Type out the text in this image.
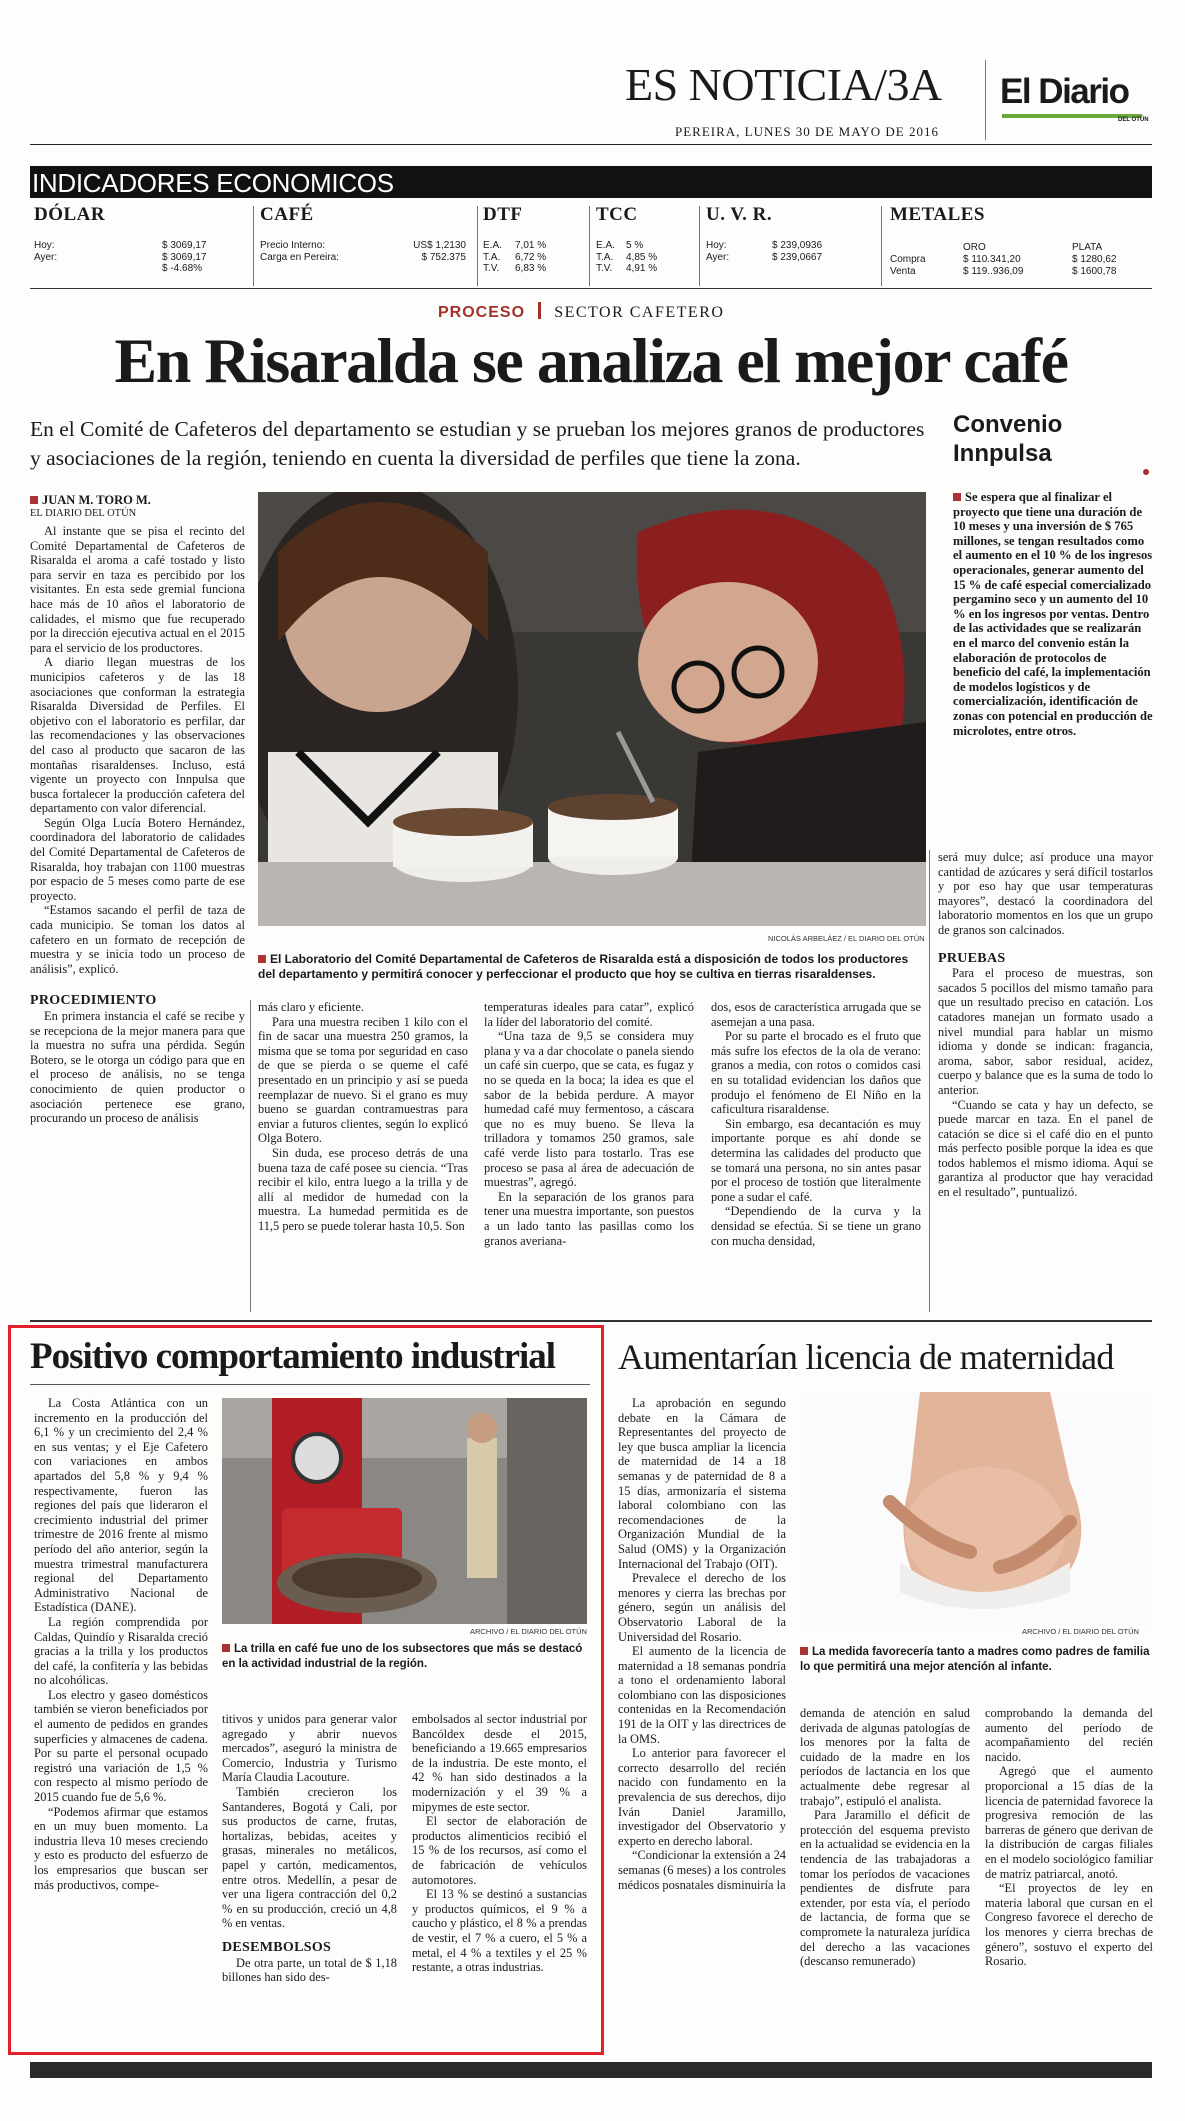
ES NOTICIA/3A El Diario
DEL OTÚN
PEREIRA, LUNES 30 DE MAYO DE 2016
INDICADORES ECONOMICOS
DÓLAR
Hoy:
Ayer:
$ 3069,17
$ 3069,17
$ -4.68%
CAFÉ
Precio Interno:
Carga en Pereira:
US$ 1,2130
$ 752.375
DTF
E.A.
T.A.
T.V.
7,01 %
6,72 %
6,83 %
TCC
E.A.
T.A.
T.V.
5 %
4,85 %
4,91 %
U. V. R.
Hoy:
Ayer:
$ 239,0936
$ 239,0667
METALES
ORO	PLATA
Compra
Venta
$ 110.341,20
$ 119..936,09
$ 1280,62
$ 1600,78
PROCESO SECTOR CAFETERO
En Risaralda se analiza el mejor café
En el Comité de Cafeteros del departamento se estudian y se prueban los mejores granos de productores y asociaciones de la región, teniendo en cuenta la diversidad de perfiles que tiene la zona.
Convenio Innpulsa
Se espera que al finalizar el proyecto que tiene una duración de 10 meses y una inversión de $ 765 millones, se tengan resultados como el aumento en el 10 % de los ingresos operacionales, generar aumento del 15 % de café especial comercializado pergamino seco y un aumento del 10 % en los ingresos por ventas. Dentro de las actividades que se realizarán en el marco del convenio están la elaboración de protocolos de beneficio del café, la implementación de modelos logísticos y de comercialización, identificación de zonas con potencial en producción de microlotes, entre otros.
JUAN M. TORO M.
EL DIARIO DEL OTÚN
NICOLÁS ARBELÁEZ / EL DIARIO DEL OTÚN
El Laboratorio del Comité Departamental de Cafeteros de Risaralda está a disposición de todos los productores del departamento y permitirá conocer y perfeccionar el producto que hoy se cultiva en tierras risaraldenses.

Al instante que se pisa el recinto del Comité Departamental de Cafeteros de Risaralda el aroma a café tostado y listo para servir en taza es percibido por los visitantes. En esta sede gremial funciona hace más de 10 años el laboratorio de calidades, el mismo que fue recuperado por la dirección ejecutiva actual en el 2015 para el servicio de los productores.

A diario llegan muestras de los municipios cafeteros y de las 18 asociaciones que conforman la estrategia Risaralda Diversidad de Perfiles. El objetivo con el laboratorio es perfilar, dar las recomendaciones y las observaciones del caso al producto que sacaron de las montañas risaraldenses. Incluso, está vigente un proyecto con Innpulsa que busca fortalecer la producción cafetera del departamento con valor diferencial.

Según Olga Lucía Botero Hernández, coordinadora del laboratorio de calidades del Comité Departamental de Cafeteros de Risaralda, hoy trabajan con 1100 muestras por espacio de 5 meses como parte de ese proyecto.

“Estamos sacando el perfil de taza de cada municipio. Se toman los datos al cafetero en un formato de recepción de muestra y se inicia todo un proceso de análisis”, explicó.

PROCEDIMIENTO

En primera instancia el café se recibe y se recepciona de la mejor manera para que la muestra no sufra una pérdida. Según Botero, se le otorga un código para que en el proceso de análisis, no se tenga conocimiento de quien productor o asociación pertenece ese grano, procurando un proceso de análisis

más claro y eficiente.

Para una muestra reciben 1 kilo con el fin de sacar una muestra 250 gramos, la misma que se toma por seguridad en caso de que se pierda o se queme el café presentado en un principio y así se pueda reemplazar de nuevo. Si el grano es muy bueno se guardan contramuestras para enviar a futuros clientes, según lo explicó Olga Botero.

Sin duda, ese proceso detrás de una buena taza de café posee su ciencia. “Tras recibir el kilo, entra luego a la trilla y de allí al medidor de humedad con la muestra. La humedad permitida es de 11,5 pero se puede tolerar hasta 10,5. Son

temperaturas ideales para catar”, explicó la líder del laboratorio del comité.

“Una taza de 9,5 se considera muy plana y va a dar chocolate o panela siendo un café sin cuerpo, que se cata, es fugaz y no se queda en la boca; la idea es que el sabor de la bebida perdure. A mayor humedad café muy fermentoso, a cáscara que no es muy bueno. Se lleva la trilladora y tomamos 250 gramos, sale café verde listo para tostarlo. Tras ese proceso se pasa al área de adecuación de muestras”, agregó.

En la separación de los granos para tener una muestra importante, son puestos a un lado tanto las pasillas como los granos averiana-

dos, esos de característica arrugada que se asemejan a una pasa.

Por su parte el brocado es el fruto que más sufre los efectos de la ola de verano: granos a media, con rotos o comidos casi en su totalidad evidencian los daños que produjo el fenómeno de El Niño en la caficultura risaraldense.

Sin embargo, esa decantación es muy importante porque es ahí donde se determina las calidades del producto que se tomará una persona, no sin antes pasar por el proceso de tostión que literalmente pone a sudar el café.

“Dependiendo de la curva y la densidad se efectúa. Si se tiene un grano con mucha densidad,

será muy dulce; así produce una mayor cantidad de azúcares y será difícil tostarlos y por eso hay que usar temperaturas mayores”, destacó la coordinadora del laboratorio momentos en los que un grupo de granos son calcinados.

PRUEBAS

Para el proceso de muestras, son sacados 5 pocillos del mismo tamaño para que un resultado preciso en catación. Los catadores manejan un formato usado a nivel mundial para hablar un mismo idioma y donde se indican: fragancia, aroma, sabor, sabor residual, acidez, cuerpo y balance que es la suma de todo lo anterior.

“Cuando se cata y hay un defecto, se puede marcar en taza. En el panel de catación se dice si el café dio en el punto más perfecto posible porque la idea es que todos hablemos el mismo idioma. Aquí se garantiza al productor que hay veracidad en el resultado”, puntualizó.

Positivo comportamiento industrial
ARCHIVO / EL DIARIO DEL OTÚN
La trilla en café fue uno de los subsectores que más se destacó en la actividad industrial de la región.

La Costa Atlántica con un incremento en la producción del 6,1 % y un crecimiento del 2,4 % en sus ventas; y el Eje Cafetero con variaciones en ambos apartados del 5,8 % y 9,4 % respectivamente, fueron las regiones del país que lideraron el crecimiento industrial del primer trimestre de 2016 frente al mismo período del año anterior, según la muestra trimestral manufacturera regional del Departamento Administrativo Nacional de Estadística (DANE).

La región comprendida por Caldas, Quindío y Risaralda creció gracias a la trilla y los productos del café, la confitería y las bebidas no alcohólicas.

Los electro y gaseo domésticos también se vieron beneficiados por el aumento de pedidos en grandes superficies y almacenes de cadena. Por su parte el personal ocupado registró una variación de 1,5 % con respecto al mismo período de 2015 cuando fue de 5,6 %.

“Podemos afirmar que estamos en un muy buen momento. La industria lleva 10 meses creciendo y esto es producto del esfuerzo de los empresarios que buscan ser más productivos, compe-

titivos y unidos para generar valor agregado y abrir nuevos mercados”, aseguró la ministra de Comercio, Industria y Turismo María Claudia Lacouture.

También crecieron los Santanderes, Bogotá y Cali, por sus productos de carne, frutas, hortalizas, bebidas, aceites y grasas, minerales no metálicos, papel y cartón, medicamentos, entre otros. Medellín, a pesar de ver una ligera contracción del 0,2 % en su producción, creció un 4,8 % en ventas.

DESEMBOLSOS

De otra parte, un total de $ 1,18 billones han sido des-

embolsados al sector industrial por Bancóldex desde el 2015, beneficiando a 19.665 empresarios de la industria. De este monto, el 42 % han sido destinados a la modernización y el 39 % a mipymes de este sector.

El sector de elaboración de productos alimenticios recibió el 15 % de los recursos, así como el de fabricación de vehículos automotores.

El 13 % se destinó a sustancias y productos químicos, el 9 % a caucho y plástico, el 8 % a prendas de vestir, el 7 % a cuero, el 5 % a metal, el 4 % a textiles y el 25 % restante, a otras industrias.

Aumentarían licencia de maternidad
ARCHIVO / EL DIARIO DEL OTÚN
La medida favorecería tanto a madres como padres de familia lo que permitirá una mejor atención al infante.

La aprobación en segundo debate en la Cámara de Representantes del proyecto de ley que busca ampliar la licencia de maternidad de 14 a 18 semanas y de paternidad de 8 a 15 días, armonizaría el sistema laboral colombiano con las recomendaciones de la Organización Mundial de la Salud (OMS) y la Organización Internacional del Trabajo (OIT).

Prevalece el derecho de los menores y cierra las brechas por género, según un análisis del Observatorio Laboral de la Universidad del Rosario.

El aumento de la licencia de maternidad a 18 semanas pondría a tono el ordenamiento laboral colombiano con las disposiciones contenidas en la Recomendación 191 de la OIT y las directrices de la OMS.

Lo anterior para favorecer el correcto desarrollo del recién nacido con fundamento en la prevalencia de sus derechos, dijo Iván Daniel Jaramillo, investigador del Observatorio y experto en derecho laboral.

“Condicionar la extensión a 24 semanas (6 meses) a los controles médicos posnatales disminuiría la

demanda de atención en salud derivada de algunas patologías de los menores por la falta de cuidado de la madre en los períodos de lactancia en los que actualmente debe regresar al trabajo”, estipuló el analista.

Para Jaramillo el déficit de protección del esquema previsto en la actualidad se evidencia en la tendencia de las trabajadoras a tomar los períodos de vacaciones pendientes de disfrute para extender, por esta vía, el período de lactancia, de forma que se compromete la naturaleza jurídica del derecho a las vacaciones (descanso remunerado)

comprobando la demanda del aumento del período de acompañamiento del recién nacido.

Agregó que el aumento proporcional a 15 días de la licencia de paternidad favorece la progresiva remoción de las barreras de género que derivan de la distribución de cargas filiales en el modelo sociológico familiar de matriz patriarcal, anotó.

“El proyectos de ley en materia laboral que cursan en el Congreso favorece el derecho de los menores y cierra brechas de género”, sostuvo el experto del Rosario.
